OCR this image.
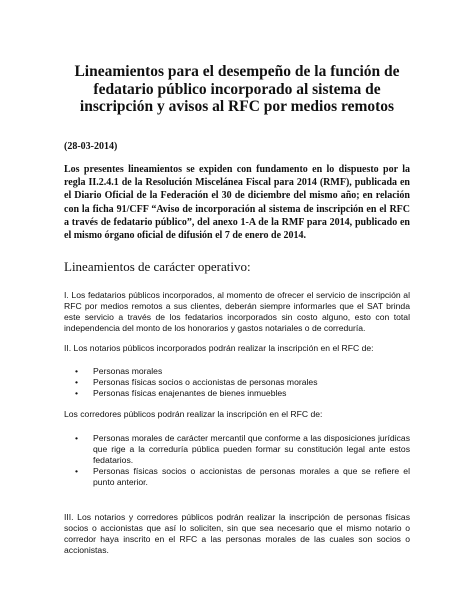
Lineamientos para el desempeño de la función de fedatario público incorporado al sistema de inscripción y avisos al RFC por medios remotos
(28-03-2014)
Los presentes lineamientos se expiden con fundamento en lo dispuesto por la regla II.2.4.1 de la Resolución Miscelánea Fiscal para 2014 (RMF), publicada en el Diario Oficial de la Federación el 30 de diciembre del mismo año; en relación con la ficha 91/CFF “Aviso de incorporación al sistema de inscripción en el RFC a través de fedatario público”, del anexo 1-A de la RMF para 2014, publicado en el mismo órgano oficial de difusión el 7 de enero de 2014.
Lineamientos de carácter operativo:
I. Los fedatarios públicos incorporados, al momento de ofrecer el servicio de inscripción al RFC por medios remotos a sus clientes, deberán siempre informarles que el SAT brinda este servicio a través de los fedatarios incorporados sin costo alguno, esto con total independencia del monto de los honorarios y gastos notariales o de correduría.
II. Los notarios públicos incorporados podrán realizar la inscripción en el RFC de:
• Personas morales
• Personas físicas socios o accionistas de personas morales
• Personas físicas enajenantes de bienes inmuebles
Los corredores públicos podrán realizar la inscripción en el RFC de:
• Personas morales de carácter mercantil que conforme a las disposiciones jurídicas que rige a la correduría pública pueden formar su constitución legal ante estos fedatarios.
• Personas físicas socios o accionistas de personas morales a que se refiere el punto anterior.
III. Los notarios y corredores públicos podrán realizar la inscripción de personas físicas socios o accionistas que así lo soliciten, sin que sea necesario que el mismo notario o corredor haya inscrito en el RFC a las personas morales de las cuales son socios o accionistas.
